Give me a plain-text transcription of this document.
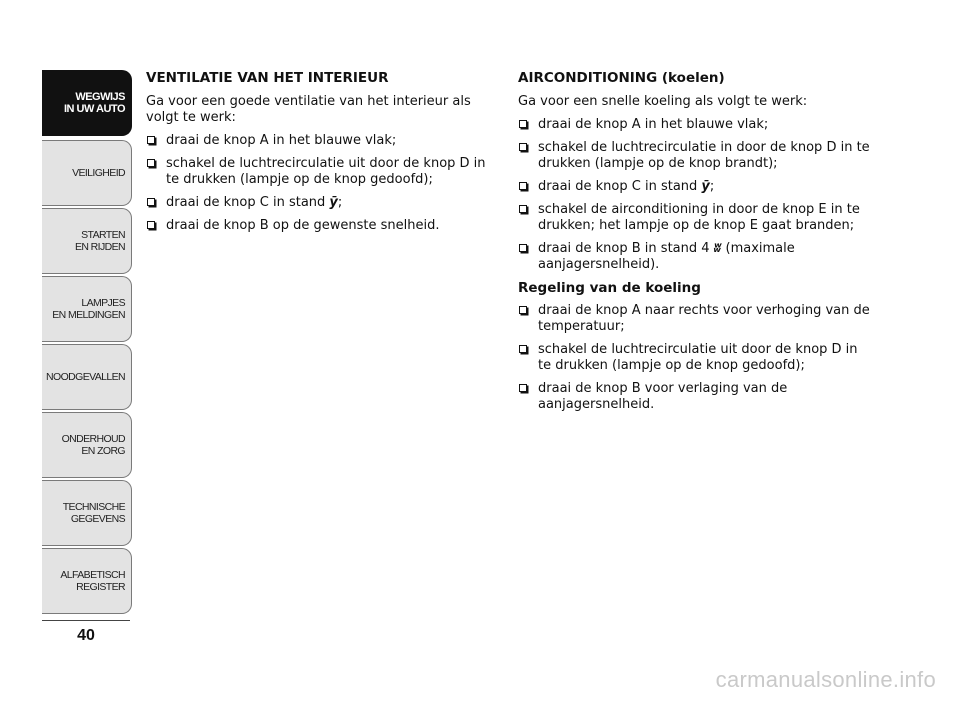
WEGWIJS
IN UW AUTO
VEILIGHEID
STARTEN
EN RIJDEN
LAMPJES
EN MELDINGEN
NOODGEVALLEN
ONDERHOUD
EN ZORG
TECHNISCHE
GEGEVENS
ALFABETISCH
REGISTER
40
VENTILATIE VAN HET INTERIEUR

Ga voor een goede ventilatie van het interieur als volgt te werk:

draai de knop A in het blauwe vlak;
schakel de luchtrecirculatie uit door de knop D in te drukken (lampje op de knop gedoofd);
draai de knop C in stand ȳ;
draai de knop B op de gewenste snelheid.
AIRCONDITIONING (koelen)

Ga voor een snelle koeling als volgt te werk:

draai de knop A in het blauwe vlak;
schakel de luchtrecirculatie in door de knop D in te drukken (lampje op de knop brandt);
draai de knop C in stand ȳ;
schakel de airconditioning in door de knop E in te drukken; het lampje op de knop E gaat branden;
draai de knop B in stand 4 ʬ (maximale aanjagersnelheid).
Regeling van de koeling
draai de knop A naar rechts voor verhoging van de temperatuur;
schakel de luchtrecirculatie uit door de knop D in te drukken (lampje op de knop gedoofd);
draai de knop B voor verlaging van de aanjagersnelheid.
carmanualsonline.info
